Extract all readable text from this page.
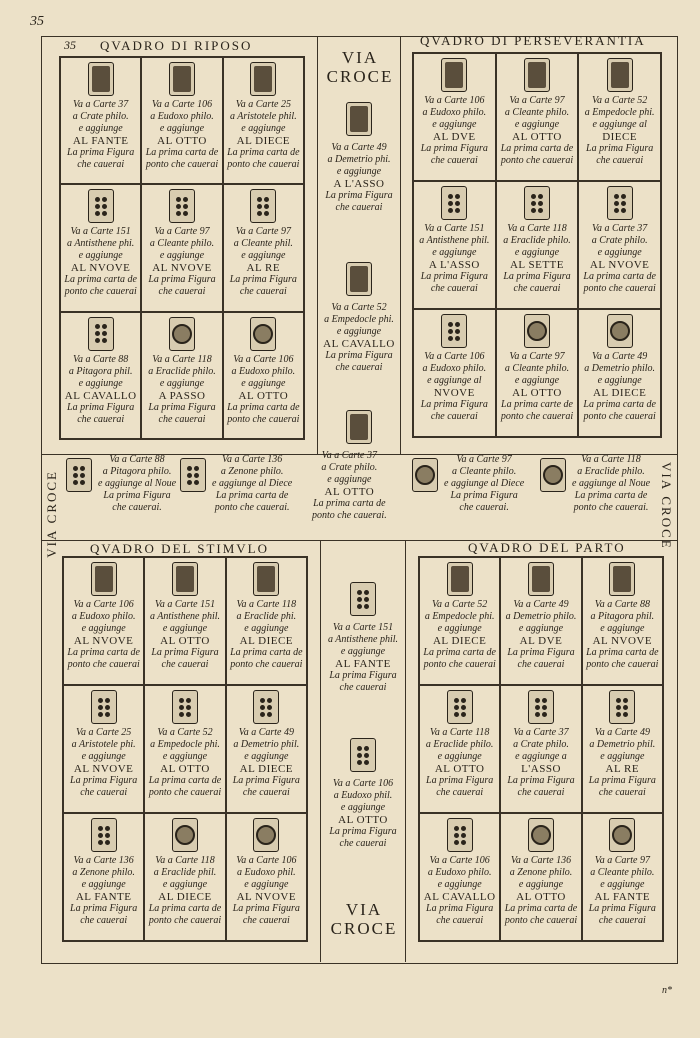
35
35
n*
QVADRO DI RIPOSO	QVADRO DI PERSEVERANTIA
QVADRO DEL STIMVLO	QVADRO DEL PARTO
Va a Carte 37
a Crate philo.
e aggiunge
AL FANTE
La prima Figura
che cauerai
Va a Carte 106
a Eudoxo philo.
e aggiunge
AL OTTO
La prima carta de
ponto che cauerai
Va a Carte 25
a Aristotele phil.
e aggiunge
AL DIECE
La prima carta de
ponto che cauerai
Va a Carte 151
a Antisthene phi.
e aggiunge
AL NVOVE
La prima carta de
ponto che cauerai
Va a Carte 97
a Cleante philo.
e aggiunge
AL NVOVE
La prima Figura
che cauerai
Va a Carte 97
a Cleante phil.
e aggiunge
AL RE
La prima Figura
che cauerai
Va a Carte 88
a Pitagora phil.
e aggiunge
AL CAVALLO
La prima Figura
che cauerai
Va a Carte 118
a Eraclide philo.
e aggiunge
A PASSO
La prima Figura
che cauerai
Va a Carte 106
a Eudoxo philo.
e aggiunge
AL OTTO
La prima carta de
ponto che cauerai
Va a Carte 106
a Eudoxo philo.
e aggiunge
AL DVE
La prima Figura
che cauerai
Va a Carte 97
a Cleante philo.
e aggiunge
AL OTTO
La prima carta de
ponto che cauerai
Va a Carte 52
a Empedocle phi.
e aggiunge al
DIECE
La prima Figura
che cauerai
Va a Carte 151
a Antisthene phil.
e aggiunge
A L'ASSO
La prima Figura
che cauerai
Va a Carte 118
a Eraclide philo.
e aggiunge
AL SETTE
La prima Figura
che cauerai
Va a Carte 37
a Crate philo.
e aggiunge
AL NVOVE
La prima carta de
ponto che cauerai
Va a Carte 106
a Eudoxo philo.
e aggiunge al
NVOVE
La prima Figura
che cauerai
Va a Carte 97
a Cleante philo.
e aggiunge
AL OTTO
La prima carte de
ponto che cauerai
Va a Carte 49
a Demetrio philo.
e aggiunge
AL DIECE
La prima carta de
ponto che cauerai
Va a Carte 106
a Eudoxo philo.
e aggiunge
AL NVOVE
La prima carta de
ponto che cauerai
Va a Carte 151
a Antisthene phil.
e aggiunge
AL OTTO
La prima Figura
che cauerai
Va a Carte 118
a Eraclide phi.
e aggiunge
AL DIECE
La prima carta de
ponto che cauerai
Va a Carte 25
a Aristotele phi.
e aggiunge
AL NVOVE
La prima Figura
che cauerai
Va a Carte 52
a Empedocle phi.
e aggiunge
AL OTTO
La prima carta de
ponto che cauerai
Va a Carte 49
a Demetrio phil.
e aggiunge
AL DIECE
La prima Figura
che cauerai
Va a Carte 136
a Zenone philo.
e aggiunge
AL FANTE
La prima Figura
che cauerai
Va a Carte 118
a Eraclide phil.
e aggiunge
AL DIECE
La prima carta de
ponto che cauerai
Va a Carte 106
a Eudoxo phil.
e aggiunge
AL NVOVE
La prima Figura
che cauerai
Va a Carte 52
a Empedocle phi.
e aggiunge
AL DIECE
La prima carta de
ponto che cauerai
Va a Carte 49
a Demetrio philo.
e aggiunge
AL DVE
La prima Figura
che cauerai
Va a Carte 88
a Pitagora phil.
e aggiunge
AL NVOVE
La prima carta de
ponto che cauerai
Va a Carte 118
a Eraclide philo.
e aggiunge
AL OTTO
La prima Figura
che cauerai
Va a Carte 37
a Crate philo.
e aggiunge a
L'ASSO
La prima Figura
che cauerai
Va a Carte 49
a Demetrio phil.
e aggiunge
AL RE
La prima Figura
che cauerai
Va a Carte 106
a Eudoxo philo.
e aggiunge
AL CAVALLO
La prima Figura
che cauerai
Va a Carte 136
a Zenone philo.
e aggiunge
AL OTTO
La prima carta de
ponto che cauerai
Va a Carte 97
a Cleante philo.
e aggiunge
AL FANTE
La prima Figura
che cauerai
VIA
CROCE
VIA
CROCE
VIA CROCE	VIA CROCE
Va a Carte 49
a Demetrio phi.
e aggiunge
A L'ASSO
La prima Figura
che cauerai
Va a Carte 52
a Empedocle phi.
e aggiunge
AL CAVALLO
La prima Figura
che cauerai
Va a Carte 151
a Antisthene phil.
e aggiunge
AL FANTE
La prima Figura
che cauerai
Va a Carte 106
a Eudoxo phil.
e aggiunge
AL OTTO
La prima Figura
che cauerai
Va a Carte 88
a Pitagora philo.
e aggiunge al Noue
La prima Figura
che cauerai.
Va a Carte 136
a Zenone philo.
e aggiunge al Diece
La prima carta de
ponto che cauerai.
Va a Carte 37
a Crate philo.
e aggiunge
AL OTTO
La prima carta de
ponto che cauerai.
Va a Carte 97
a Cleante philo.
e aggiunge al Diece
La prima Figura
che cauerai.
Va a Carte 118
a Eraclide philo.
e aggiunge al Noue
La prima carta de
ponto che cauerai.
